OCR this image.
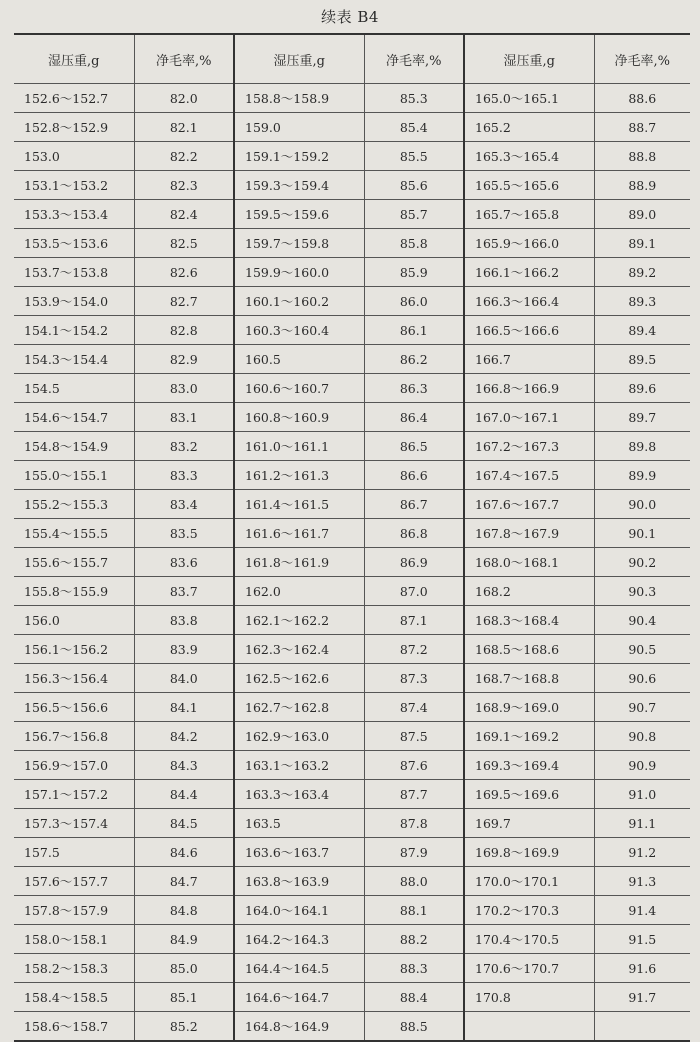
续表 B4
湿压重,g	净毛率,%	湿压重,g	净毛率,%	湿压重,g	净毛率,%
152.6～152.7	82.0	158.8～158.9	85.3	165.0～165.1	88.6
152.8～152.9	82.1	159.0	85.4	165.2	88.7
153.0	82.2	159.1～159.2	85.5	165.3～165.4	88.8
153.1～153.2	82.3	159.3～159.4	85.6	165.5～165.6	88.9
153.3～153.4	82.4	159.5～159.6	85.7	165.7～165.8	89.0
153.5～153.6	82.5	159.7～159.8	85.8	165.9～166.0	89.1
153.7～153.8	82.6	159.9～160.0	85.9	166.1～166.2	89.2
153.9～154.0	82.7	160.1～160.2	86.0	166.3～166.4	89.3
154.1～154.2	82.8	160.3～160.4	86.1	166.5～166.6	89.4
154.3～154.4	82.9	160.5	86.2	166.7	89.5
154.5	83.0	160.6～160.7	86.3	166.8～166.9	89.6
154.6～154.7	83.1	160.8～160.9	86.4	167.0～167.1	89.7
154.8～154.9	83.2	161.0～161.1	86.5	167.2～167.3	89.8
155.0～155.1	83.3	161.2～161.3	86.6	167.4～167.5	89.9
155.2～155.3	83.4	161.4～161.5	86.7	167.6～167.7	90.0
155.4～155.5	83.5	161.6～161.7	86.8	167.8～167.9	90.1
155.6～155.7	83.6	161.8～161.9	86.9	168.0～168.1	90.2
155.8～155.9	83.7	162.0	87.0	168.2	90.3
156.0	83.8	162.1～162.2	87.1	168.3～168.4	90.4
156.1～156.2	83.9	162.3～162.4	87.2	168.5～168.6	90.5
156.3～156.4	84.0	162.5～162.6	87.3	168.7～168.8	90.6
156.5～156.6	84.1	162.7～162.8	87.4	168.9～169.0	90.7
156.7～156.8	84.2	162.9～163.0	87.5	169.1～169.2	90.8
156.9～157.0	84.3	163.1～163.2	87.6	169.3～169.4	90.9
157.1～157.2	84.4	163.3～163.4	87.7	169.5～169.6	91.0
157.3～157.4	84.5	163.5	87.8	169.7	91.1
157.5	84.6	163.6～163.7	87.9	169.8～169.9	91.2
157.6～157.7	84.7	163.8～163.9	88.0	170.0～170.1	91.3
157.8～157.9	84.8	164.0～164.1	88.1	170.2～170.3	91.4
158.0～158.1	84.9	164.2～164.3	88.2	170.4～170.5	91.5
158.2～158.3	85.0	164.4～164.5	88.3	170.6～170.7	91.6
158.4～158.5	85.1	164.6～164.7	88.4	170.8	91.7
158.6～158.7	85.2	164.8～164.9	88.5		
